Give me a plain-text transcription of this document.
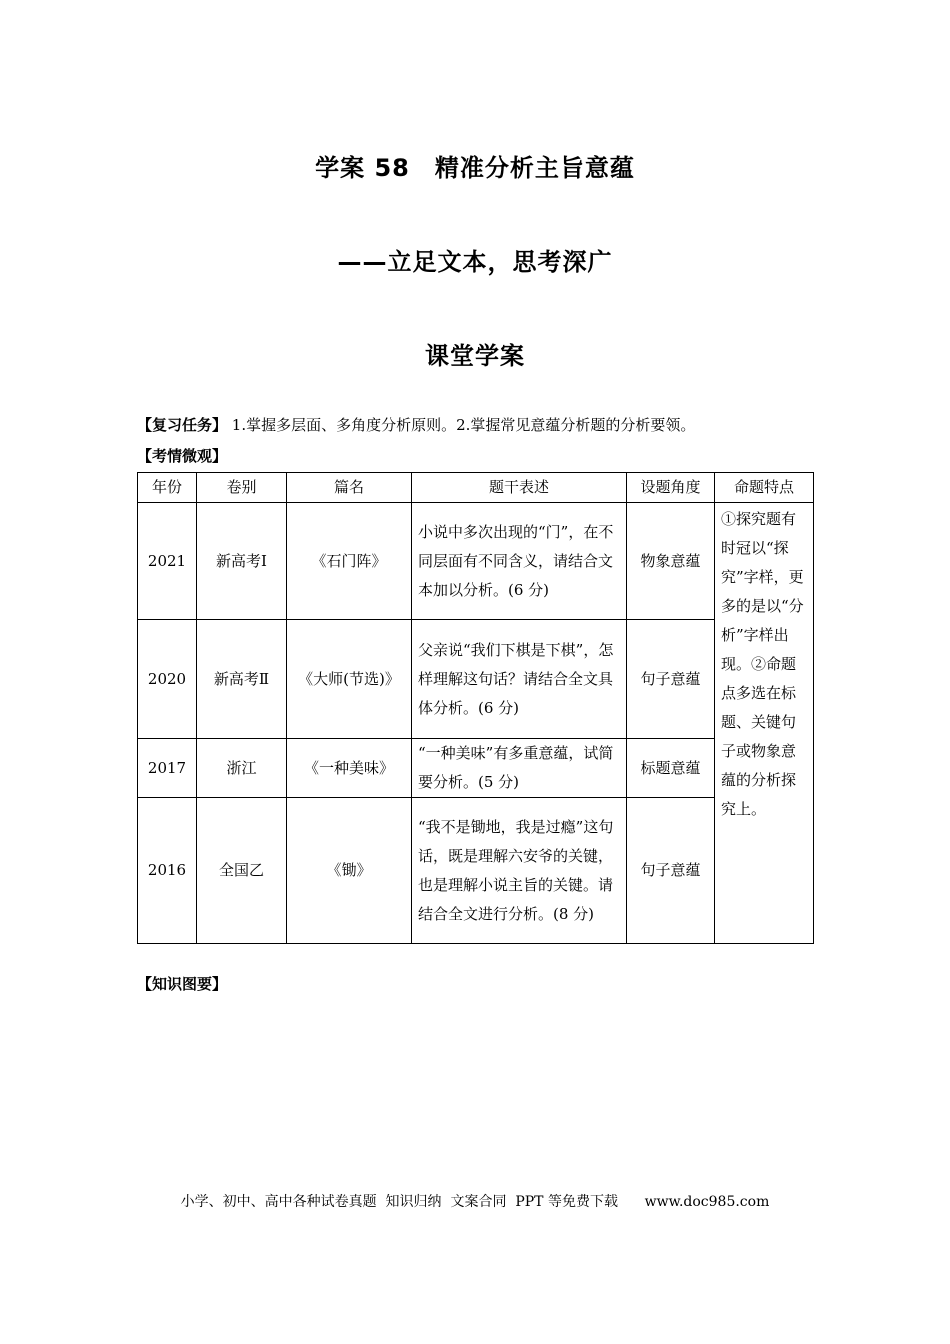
学案 58　精准分析主旨意蕴
——立足文本，思考深广
课堂学案
【复习任务】 1.掌握多层面、多角度分析原则。2.掌握常见意蕴分析题的分析要领。
【考情微观】
年份	卷别	篇名	题干表述	设题角度	命题特点
2021	新高考Ⅰ	《石门阵》	小说中多次出现的“门”，在不同层面有不同含义，请结合文本加以分析。(6 分)	物象意蕴	①探究题有时冠以“探究”字样，更多的是以“分析”字样出现。②命题点多选在标题、关键句子或物象意蕴的分析探究上。
2020	新高考Ⅱ	《大师(节选)》	父亲说“我们下棋是下棋”，怎样理解这句话？请结合全文具体分析。(6 分)	句子意蕴	
2017	浙江	《一种美味》	“一种美味”有多重意蕴，试简要分析。(5 分)	标题意蕴	
2016	全国乙	《锄》	“我不是锄地，我是过瘾”这句话，既是理解六安爷的关键，也是理解小说主旨的关键。请结合全文进行分析。(8 分)	句子意蕴	
【知识图要】
小学、初中、高中各种试卷真题  知识归纳  文案合同  PPT 等免费下载      www.doc985.com
